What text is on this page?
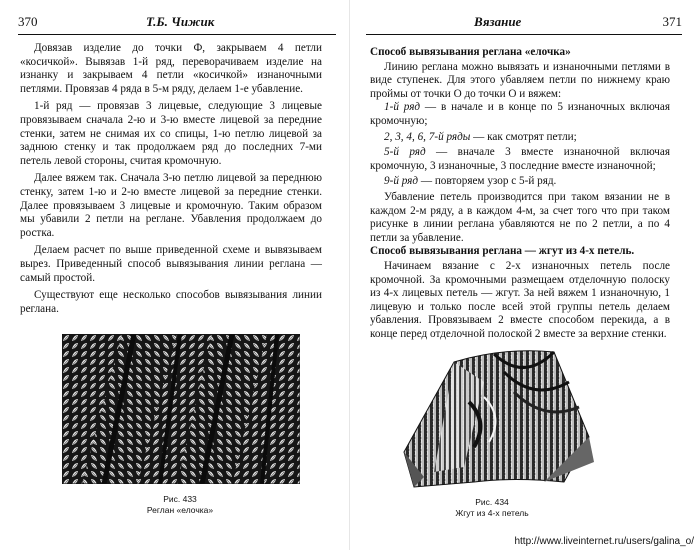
370	Т.Б. Чижик

Довязав изделие до точки Ф, закрываем 4 петли «косичкой». Вывязав 1-й ряд, переворачиваем изделие на изнанку и закрываем 4 петли «косичкой» изнаночными петлями. Провязав 4 ряда в 5-м ряду, делаем 1-е убавление.

1-й ряд — провязав 3 лицевые, следующие 3 лицевые провязываем сначала 2-ю и 3-ю вместе лицевой за передние стенки, затем не снимая их со спицы, 1-ю петлю лицевой за заднюю стенку и так продолжаем ряд до последних 7-ми петель левой стороны, считая кромочную.

Далее вяжем так. Сначала 3-ю петлю лицевой за переднюю стенку, затем 1-ю и 2-ю вместе лицевой за передние стенки. Далее провязываем 3 лицевые и кромочную. Таким образом мы убавили 2 петли на реглане. Убавления продолжаем до ростка.

Делаем расчет по выше приведенной схеме и вывязываем вырез. Приведенный способ вывязывания линии реглана — самый простой.

Существуют еще несколько способов вывязывания линии реглана.

Рис. 433
Реглан «елочка»
Вязание	371

Способ вывязывания реглана «елочка»

Линию реглана можно вывязать и изнаночными петлями в виде ступенек. Для этого убавляем петли по нижнему краю проймы от точки О до точки О и вяжем:

1-й ряд — в начале и в конце по 5 изнаночных включая кромочную;
2, 3, 4, 6, 7-й ряды — как смотрят петли;
5-й ряд — вначале 3 вместе изнаночной включая кромочную, 3 изнаночные, 3 последние вместе изнаночной;
9-й ряд — повторяем узор с 5-й ряд.

Убавление петель производится при таком вязании не в каждом 2-м ряду, а в каждом 4-м, за счет того что при таком рисунке в линии реглана убавляются не по 2 петли, а по 4 петли за убавление.

Способ вывязывания реглана — жгут из 4-х петель.

Начинаем вязание с 2-х изнаночных петель после кромочной. За кромочными размещаем отделочную полоску из 4-х лицевых петель — жгут. За ней вяжем 1 изнаночную, 1 лицевую и только после всей этой группы петель делаем убавления. Провязываем 2 вместе способом перекида, а в конце перед отделочной полоской 2 вместе за верхние стенки.

Рис. 434
Жгут из 4-х петель
http://www.liveinternet.ru/users/galina_o/
